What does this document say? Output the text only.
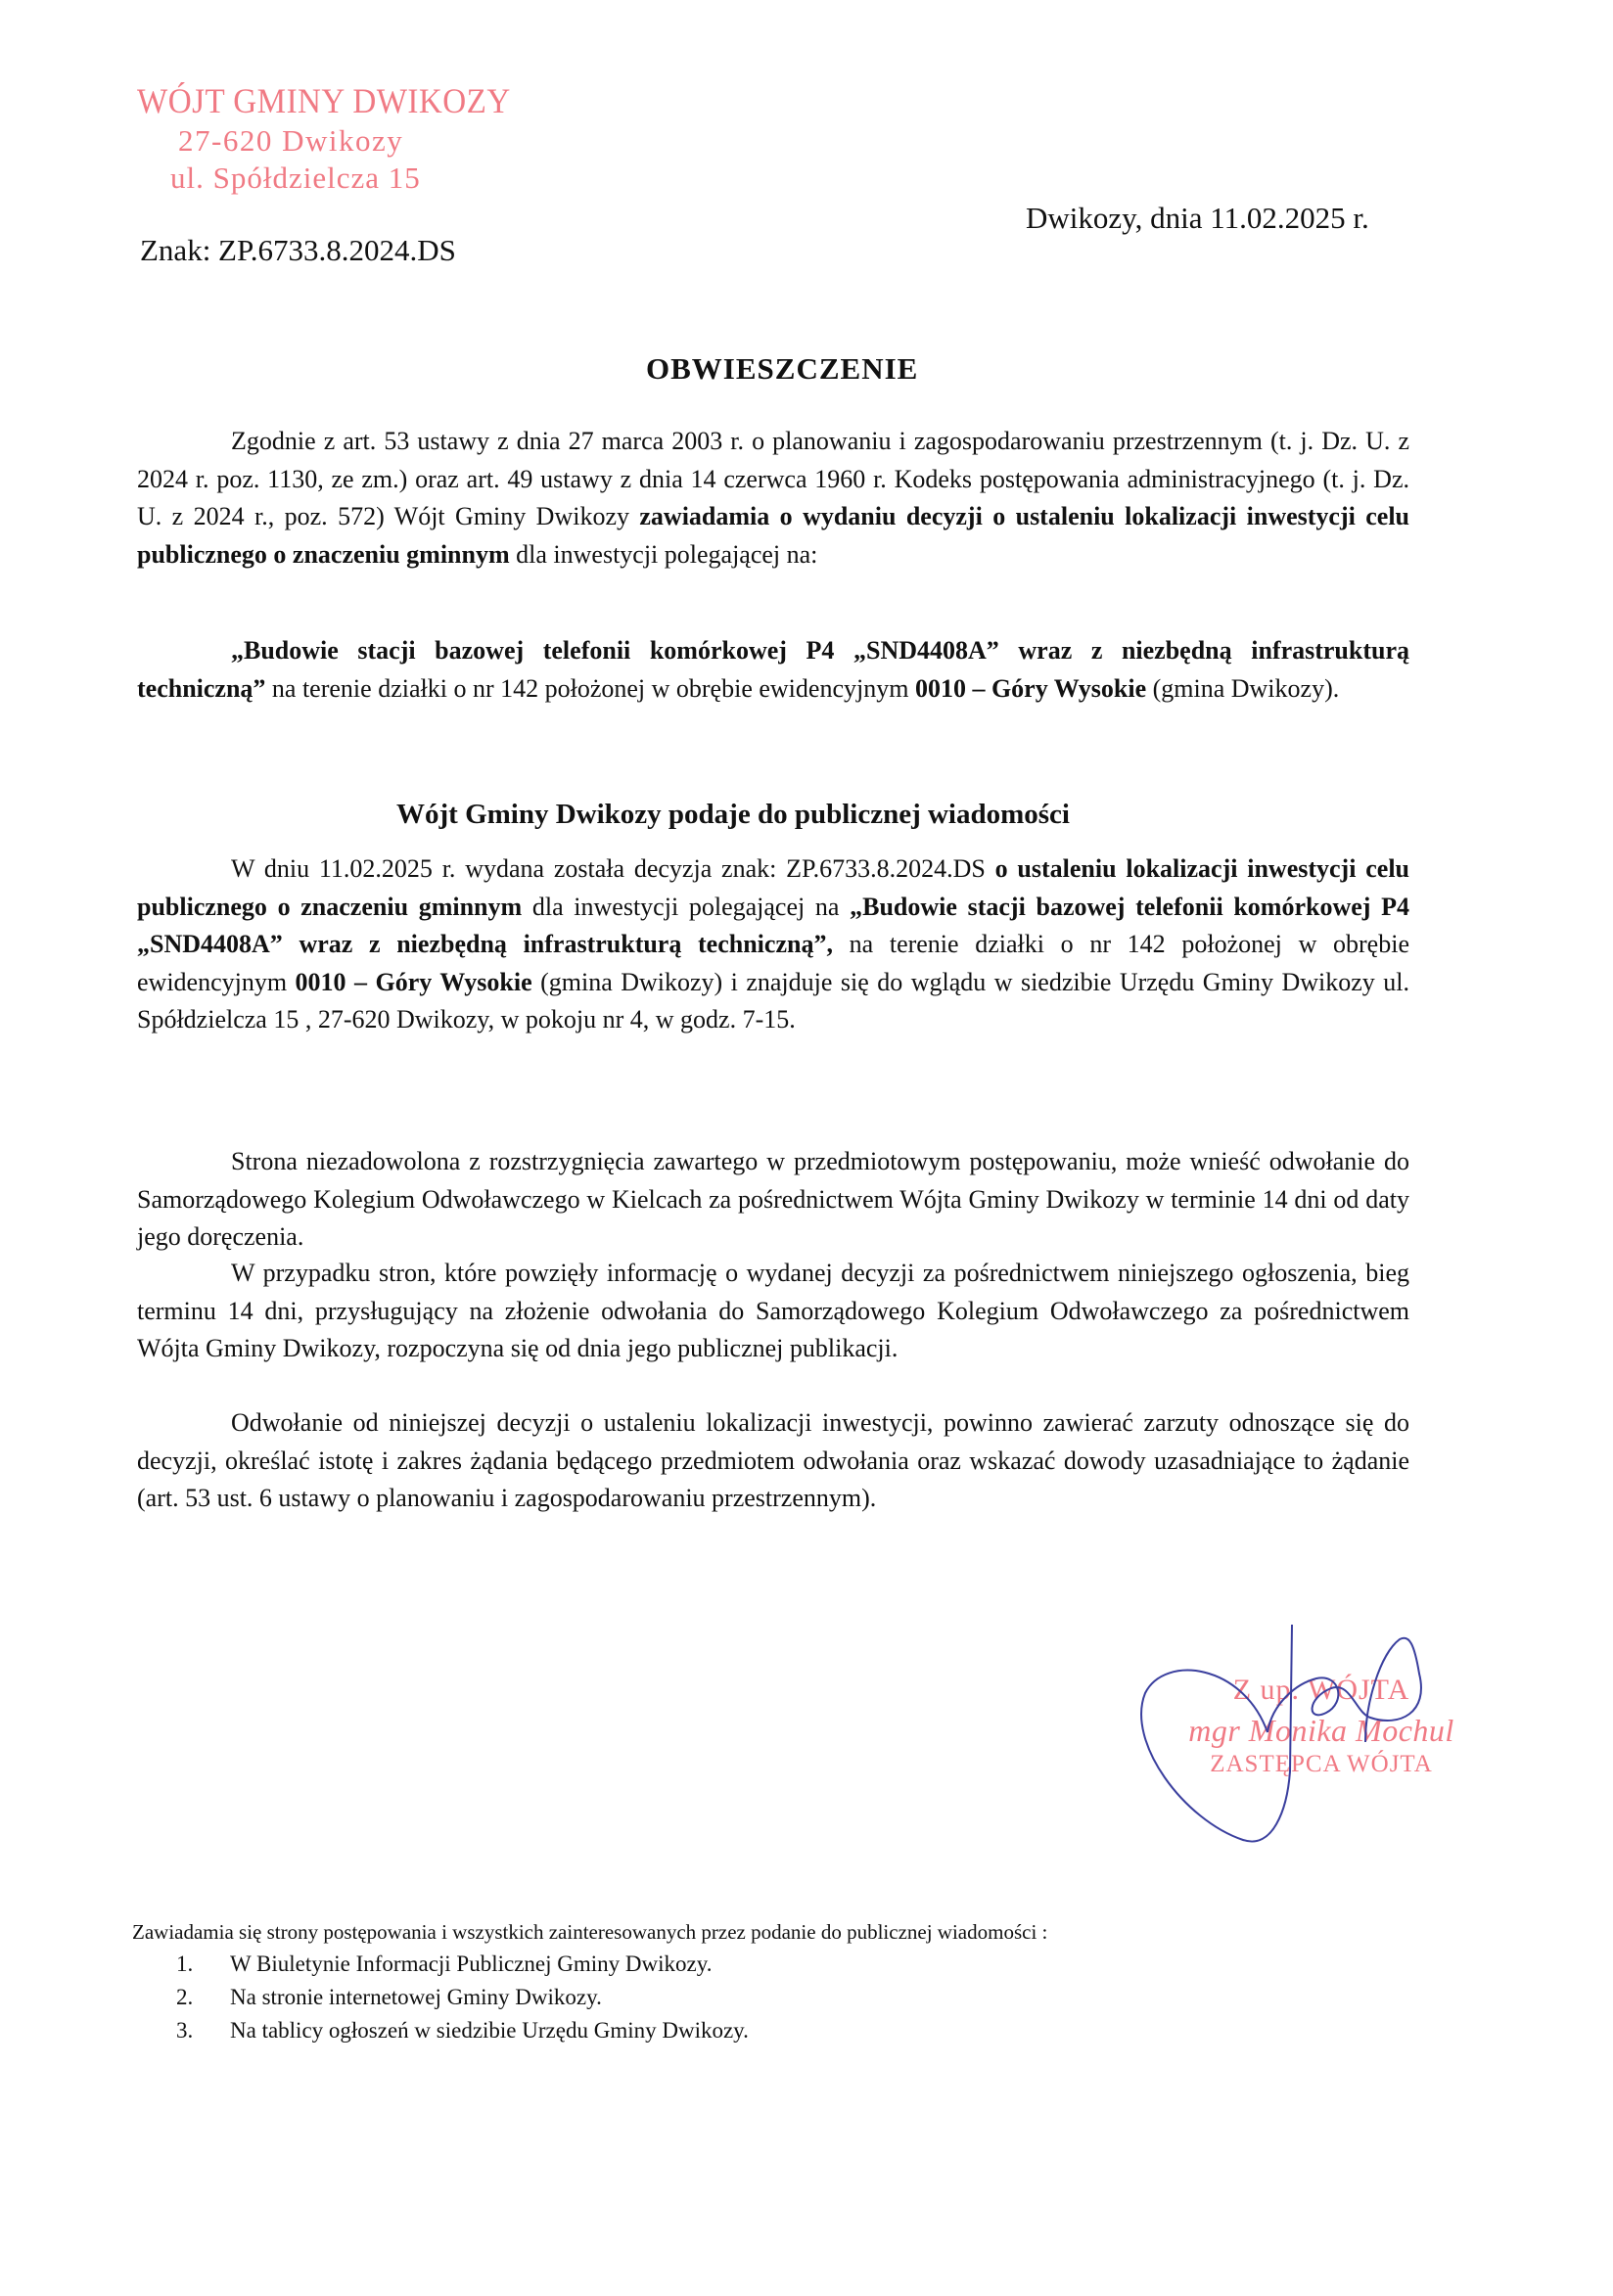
WÓJT GMINY DWIKOZY
27-620 Dwikozy
ul. Spółdzielcza 15
Znak: ZP.6733.8.2024.DS
Dwikozy, dnia 11.02.2025 r.
OBWIESZCZENIE
Zgodnie z art. 53 ustawy z dnia 27 marca 2003 r. o planowaniu i zagospodarowaniu przestrzennym (t. j. Dz. U. z 2024 r. poz. 1130, ze zm.) oraz art. 49 ustawy z dnia 14 czerwca 1960 r. Kodeks postępowania administracyjnego (t. j. Dz. U. z 2024 r., poz. 572) Wójt Gminy Dwikozy zawiadamia o wydaniu decyzji o ustaleniu lokalizacji inwestycji celu publicznego o znaczeniu gminnym dla inwestycji polegającej na:
„Budowie stacji bazowej telefonii komórkowej P4 „SND4408A” wraz z niezbędną infrastrukturą techniczną” na terenie działki o nr 142 położonej w obrębie ewidencyjnym 0010 – Góry Wysokie (gmina Dwikozy).
Wójt Gminy Dwikozy podaje do publicznej wiadomości
W dniu 11.02.2025 r. wydana została decyzja znak: ZP.6733.8.2024.DS o ustaleniu lokalizacji inwestycji celu publicznego o znaczeniu gminnym dla inwestycji polegającej na „Budowie stacji bazowej telefonii komórkowej P4 „SND4408A” wraz z niezbędną infrastrukturą techniczną”, na terenie działki o nr 142 położonej w obrębie ewidencyjnym 0010 – Góry Wysokie (gmina Dwikozy) i znajduje się do wglądu w siedzibie Urzędu Gminy Dwikozy ul. Spółdzielcza 15 , 27-620 Dwikozy, w pokoju nr 4, w godz. 7-15.
Strona niezadowolona z rozstrzygnięcia zawartego w przedmiotowym postępowaniu, może wnieść odwołanie do Samorządowego Kolegium Odwoławczego w Kielcach za pośrednictwem Wójta Gminy Dwikozy w terminie 14 dni od daty jego doręczenia.
W przypadku stron, które powzięły informację o wydanej decyzji za pośrednictwem niniejszego ogłoszenia, bieg terminu 14 dni, przysługujący na złożenie odwołania do Samorządowego Kolegium Odwoławczego za pośrednictwem Wójta Gminy Dwikozy, rozpoczyna się od dnia jego publicznej publikacji.
Odwołanie od niniejszej decyzji o ustaleniu lokalizacji inwestycji, powinno zawierać zarzuty odnoszące się do decyzji, określać istotę i zakres żądania będącego przedmiotem odwołania oraz wskazać dowody uzasadniające to żądanie (art. 53 ust. 6 ustawy o planowaniu i zagospodarowaniu przestrzennym).
Z up. WÓJTA
mgr Monika Mochul
ZASTĘPCA WÓJTA
Zawiadamia się strony postępowania i wszystkich zainteresowanych przez podanie do publicznej wiadomości :
1.	W Biuletynie Informacji Publicznej Gminy Dwikozy.
2.	Na stronie internetowej Gminy Dwikozy.
3.	Na tablicy ogłoszeń w siedzibie Urzędu Gminy Dwikozy.
